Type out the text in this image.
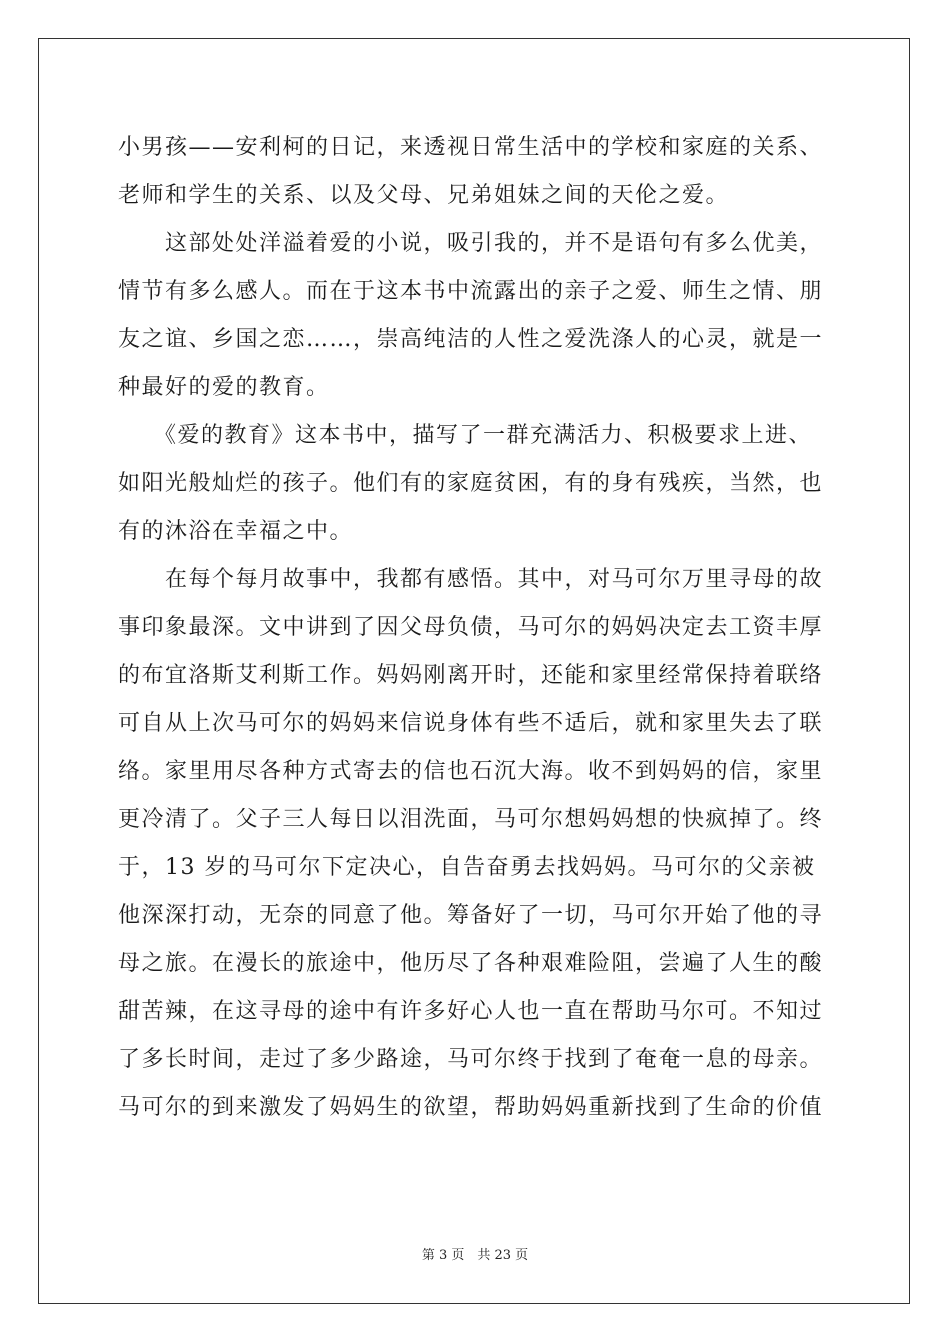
小男孩——安利柯的日记，来透视日常生活中的学校和家庭的关系、
老师和学生的关系、以及父母、兄弟姐妹之间的天伦之爱。
　　这部处处洋溢着爱的小说，吸引我的，并不是语句有多么优美，
情节有多么感人。而在于这本书中流露出的亲子之爱、师生之情、朋
友之谊、乡国之恋……，崇高纯洁的人性之爱洗涤人的心灵，就是一
种最好的爱的教育。
　　《爱的教育》这本书中，描写了一群充满活力、积极要求上进、
如阳光般灿烂的孩子。他们有的家庭贫困，有的身有残疾，当然，也
有的沐浴在幸福之中。
　　在每个每月故事中，我都有感悟。其中，对马可尔万里寻母的故
事印象最深。文中讲到了因父母负债，马可尔的妈妈决定去工资丰厚
的布宜洛斯艾利斯工作。妈妈刚离开时，还能和家里经常保持着联络
可自从上次马可尔的妈妈来信说身体有些不适后，就和家里失去了联
络。家里用尽各种方式寄去的信也石沉大海。收不到妈妈的信，家里
更冷清了。父子三人每日以泪洗面，马可尔想妈妈想的快疯掉了。终
于，13 岁的马可尔下定决心，自告奋勇去找妈妈。马可尔的父亲被
他深深打动，无奈的同意了他。筹备好了一切，马可尔开始了他的寻
母之旅。在漫长的旅途中，他历尽了各种艰难险阻，尝遍了人生的酸
甜苦辣，在这寻母的途中有许多好心人也一直在帮助马尔可。不知过
了多长时间，走过了多少路途，马可尔终于找到了奄奄一息的母亲。
马可尔的到来激发了妈妈生的欲望，帮助妈妈重新找到了生命的价值
第 3 页　共 23 页
